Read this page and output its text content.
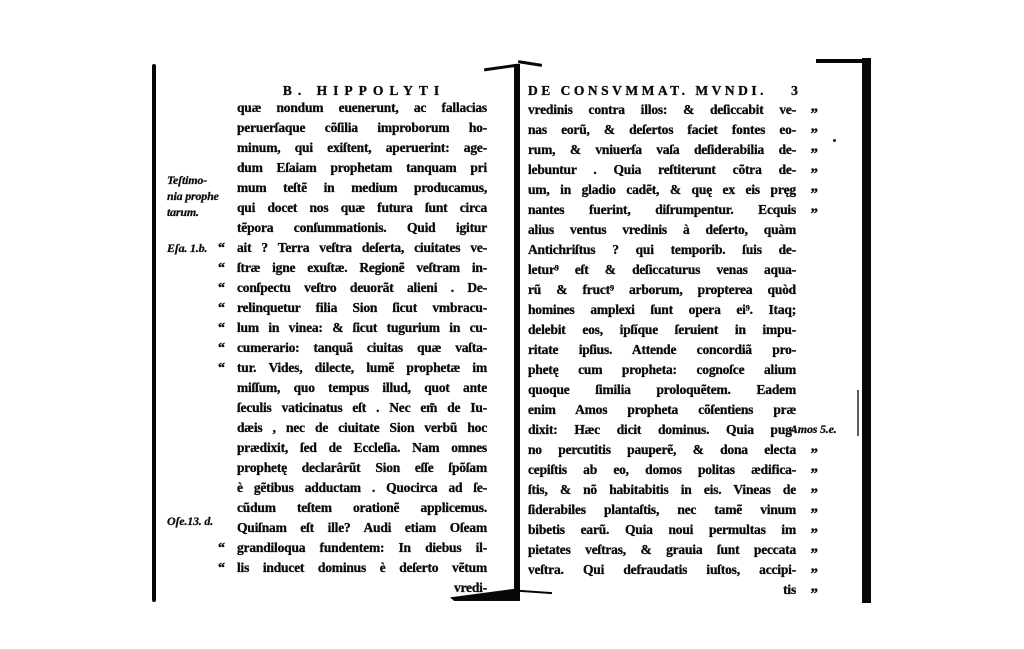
B. HIPPOLYTI
Teſtimo-
nia prophe
tarum.
Eſa. 1.b.
Oſe.13. d.
quæ nondum euenerunt, ac fallacias
peruerſaque cõſilia improborum ho-
minum, qui exiſtent, aperuerint: age-
dum Eſaiam prophetam tanquam pri
mum teſtẽ in medium producamus,
qui docet nos quæ futura ſunt circa
tẽpora conſummationis. Quid igitur
ait ? Terra veſtra deſerta, ciuitates ve-
“
ſtræ igne exuſtæ. Regionẽ veſtram in-
“
conſpectu veſtro deuorãt alieni . De-
“
relinquetur filia Sion ſicut vmbracu-
“
lum in vinea: & ſicut tugurium in cu-
“
cumerario: tanquã ciuitas quæ vaſta-
“
tur. Vides, dilecte, lumẽ prophetæ im
“
miſſum, quo tempus illud, quot ante
ſeculis vaticinatus eſt . Nec em̃ de Iu-
dæis , nec de ciuitate Sion verbũ hoc
prædixit, ſed de Eccleſia. Nam omnes
prophetę declarârũt Sion eſſe ſpõſam
è gẽtibus adductam . Quocirca ad ſe-
cũdum teſtem orationẽ applicemus.
Quiſnam eſt ille? Audi etiam Oſeam
grandiloqua fundentem: In diebus il-
“
lis inducet dominus è deſerto vẽtum
“
vredi-
DE CONSVMMAT. MVNDI. 3
Amos 5.e.
vredinis contra illos: & deſiccabit ve- ”
nas eorũ, & deſertos faciet fontes eo- ”
rum, & vniuerſa vaſa deſiderabilia de- ”
lebuntur . Quia reſtiterunt cõtra de- ”
um, in gladio cadẽt, & quę ex eis pręg ”
nantes fuerint, diſrumpentur. Ecquis ”
alius ventus vredinis à deſerto, quàm
Antichriſtus ? qui temporib. ſuis de-
letur⁹ eſt & deſiccaturus venas aqua-
rũ & fruct⁹ arborum, propterea quòd
homines amplexi ſunt opera ei⁹. Itaq;
delebit eos, ipſíque ſeruient in impu-
ritate ipſius. Attende concordiã pro-
phetę cum propheta: cognoſce alium
quoque ſimilia proloquẽtem. Eadem
enim Amos propheta cõſentiens præ
dixit: Hæc dicit dominus. Quia pug-
no percutitis pauperẽ, & dona electa ”
cepiſtis ab eo, domos politas ædifica- ”
ſtis, & nõ habitabitis in eis. Vineas de ”
ſiderabiles plantaſtis, nec tamẽ vinum ”
bibetis earũ. Quia noui permultas im ”
pietates veſtras, & grauia ſunt peccata ”
veſtra. Qui defraudatis iuſtos, accipi- ”
tis ”
